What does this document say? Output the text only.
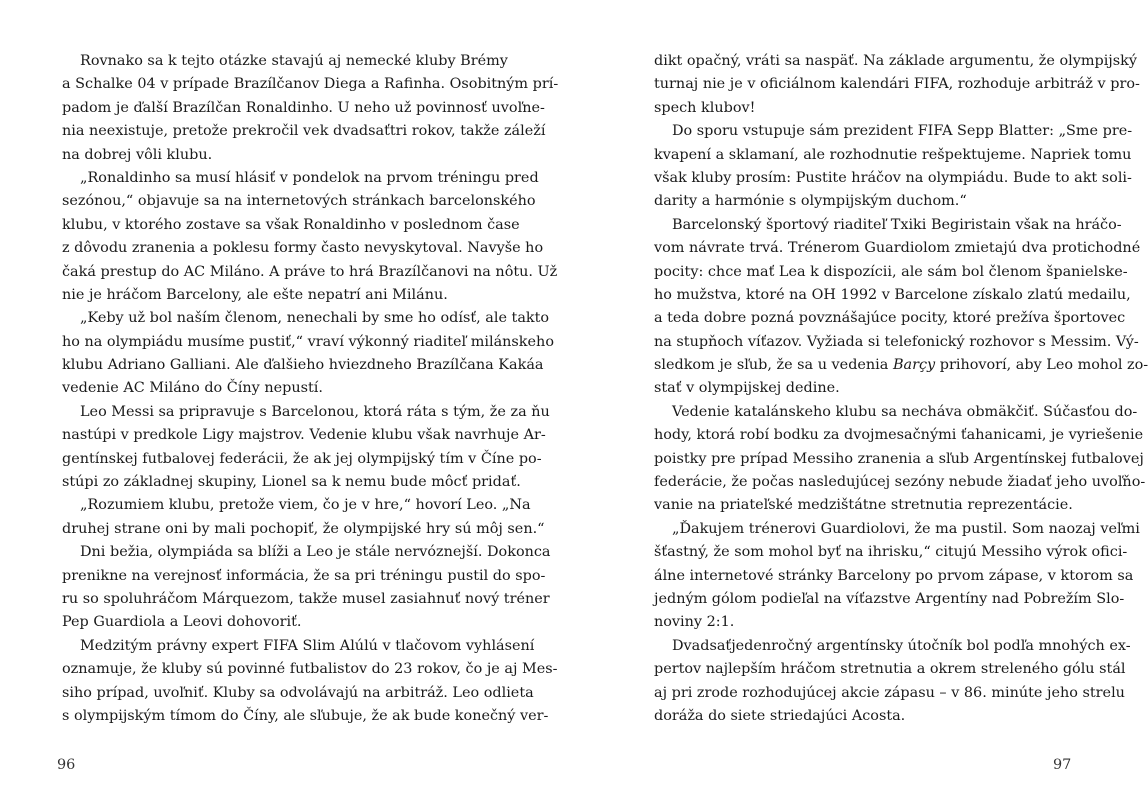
Rovnako sa k tejto otázke stavajú aj nemecké kluby Brémy
a Schalke 04 v prípade Brazílčanov Diega a Rafinha. Osobitným prí-
padom je ďalší Brazílčan Ronaldinho. U neho už povinnosť uvoľne-
nia neexistuje, pretože prekročil vek dvadsaťtri rokov, takže záleží
na dobrej vôli klubu.
„Ronaldinho sa musí hlásiť v pondelok na prvom tréningu pred
sezónou,“ objavuje sa na internetových stránkach barcelonského
klubu, v ktorého zostave sa však Ronaldinho v poslednom čase
z dôvodu zranenia a poklesu formy často nevyskytoval. Navyše ho
čaká prestup do AC Miláno. A práve to hrá Brazílčanovi na nôtu. Už
nie je hráčom Barcelony, ale ešte nepatrí ani Milánu.
„Keby už bol naším členom, nenechali by sme ho odísť, ale takto
ho na olympiádu musíme pustiť,“ vraví výkonný riaditeľ milánskeho
klubu Adriano Galliani. Ale ďalšieho hviezdneho Brazílčana Kakáa
vedenie AC Miláno do Číny nepustí.
Leo Messi sa pripravuje s Barcelonou, ktorá ráta s tým, že za ňu
nastúpi v predkole Ligy majstrov. Vedenie klubu však navrhuje Ar-
gentínskej futbalovej federácii, že ak jej olympijský tím v Číne po-
stúpi zo základnej skupiny, Lionel sa k nemu bude môcť pridať.
„Rozumiem klubu, pretože viem, čo je v hre,“ hovorí Leo. „Na
druhej strane oni by mali pochopiť, že olympijské hry sú môj sen.“
Dni bežia, olympiáda sa blíži a Leo je stále nervóznejší. Dokonca
prenikne na verejnosť informácia, že sa pri tréningu pustil do spo-
ru so spoluhráčom Márquezom, takže musel zasiahnuť nový tréner
Pep Guardiola a Leovi dohovoriť.
Medzitým právny expert FIFA Slim Alúlú v tlačovom vyhlásení
oznamuje, že kluby sú povinné futbalistov do 23 rokov, čo je aj Mes-
siho prípad, uvoľniť. Kluby sa odvolávajú na arbitráž. Leo odlieta
s olympijským tímom do Číny, ale sľubuje, že ak bude konečný ver-
dikt opačný, vráti sa naspäť. Na základe argumentu, že olympijský
turnaj nie je v oficiálnom kalendári FIFA, rozhoduje arbitráž v pro-
spech klubov!
Do sporu vstupuje sám prezident FIFA Sepp Blatter: „Sme pre-
kvapení a sklamaní, ale rozhodnutie rešpektujeme. Napriek tomu
však kluby prosím: Pustite hráčov na olympiádu. Bude to akt soli-
darity a harmónie s olympijským duchom.“
Barcelonský športový riaditeľ Txiki Begiristain však na hráčo-
vom návrate trvá. Trénerom Guardiolom zmietajú dva protichodné
pocity: chce mať Lea k dispozícii, ale sám bol členom španielske-
ho mužstva, ktoré na OH 1992 v Barcelone získalo zlatú medailu,
a teda dobre pozná povznášajúce pocity, ktoré prežíva športovec
na stupňoch víťazov. Vyžiada si telefonický rozhovor s Messim. Vý-
sledkom je sľub, že sa u vedenia Barçy prihovorí, aby Leo mohol zo-
stať v olympijskej dedine.
Vedenie katalánskeho klubu sa necháva obmäkčiť. Súčasťou do-
hody, ktorá robí bodku za dvojmesačnými ťahanicami, je vyriešenie
poistky pre prípad Messiho zranenia a sľub Argentínskej futbalovej
federácie, že počas nasledujúcej sezóny nebude žiadať jeho uvoľňo-
vanie na priateľské medzištátne stretnutia reprezentácie.
„Ďakujem trénerovi Guardiolovi, že ma pustil. Som naozaj veľmi
šťastný, že som mohol byť na ihrisku,“ citujú Messiho výrok ofici-
álne internetové stránky Barcelony po prvom zápase, v ktorom sa
jedným gólom podieľal na víťazstve Argentíny nad Pobrežím Slo-
noviny 2:1.
Dvadsaťjedenročný argentínsky útočník bol podľa mnohých ex-
pertov najlepším hráčom stretnutia a okrem streleného gólu stál
aj pri zrode rozhodujúcej akcie zápasu – v 86. minúte jeho strelu
dorážа do siete striedajúci Acosta.
96	97
